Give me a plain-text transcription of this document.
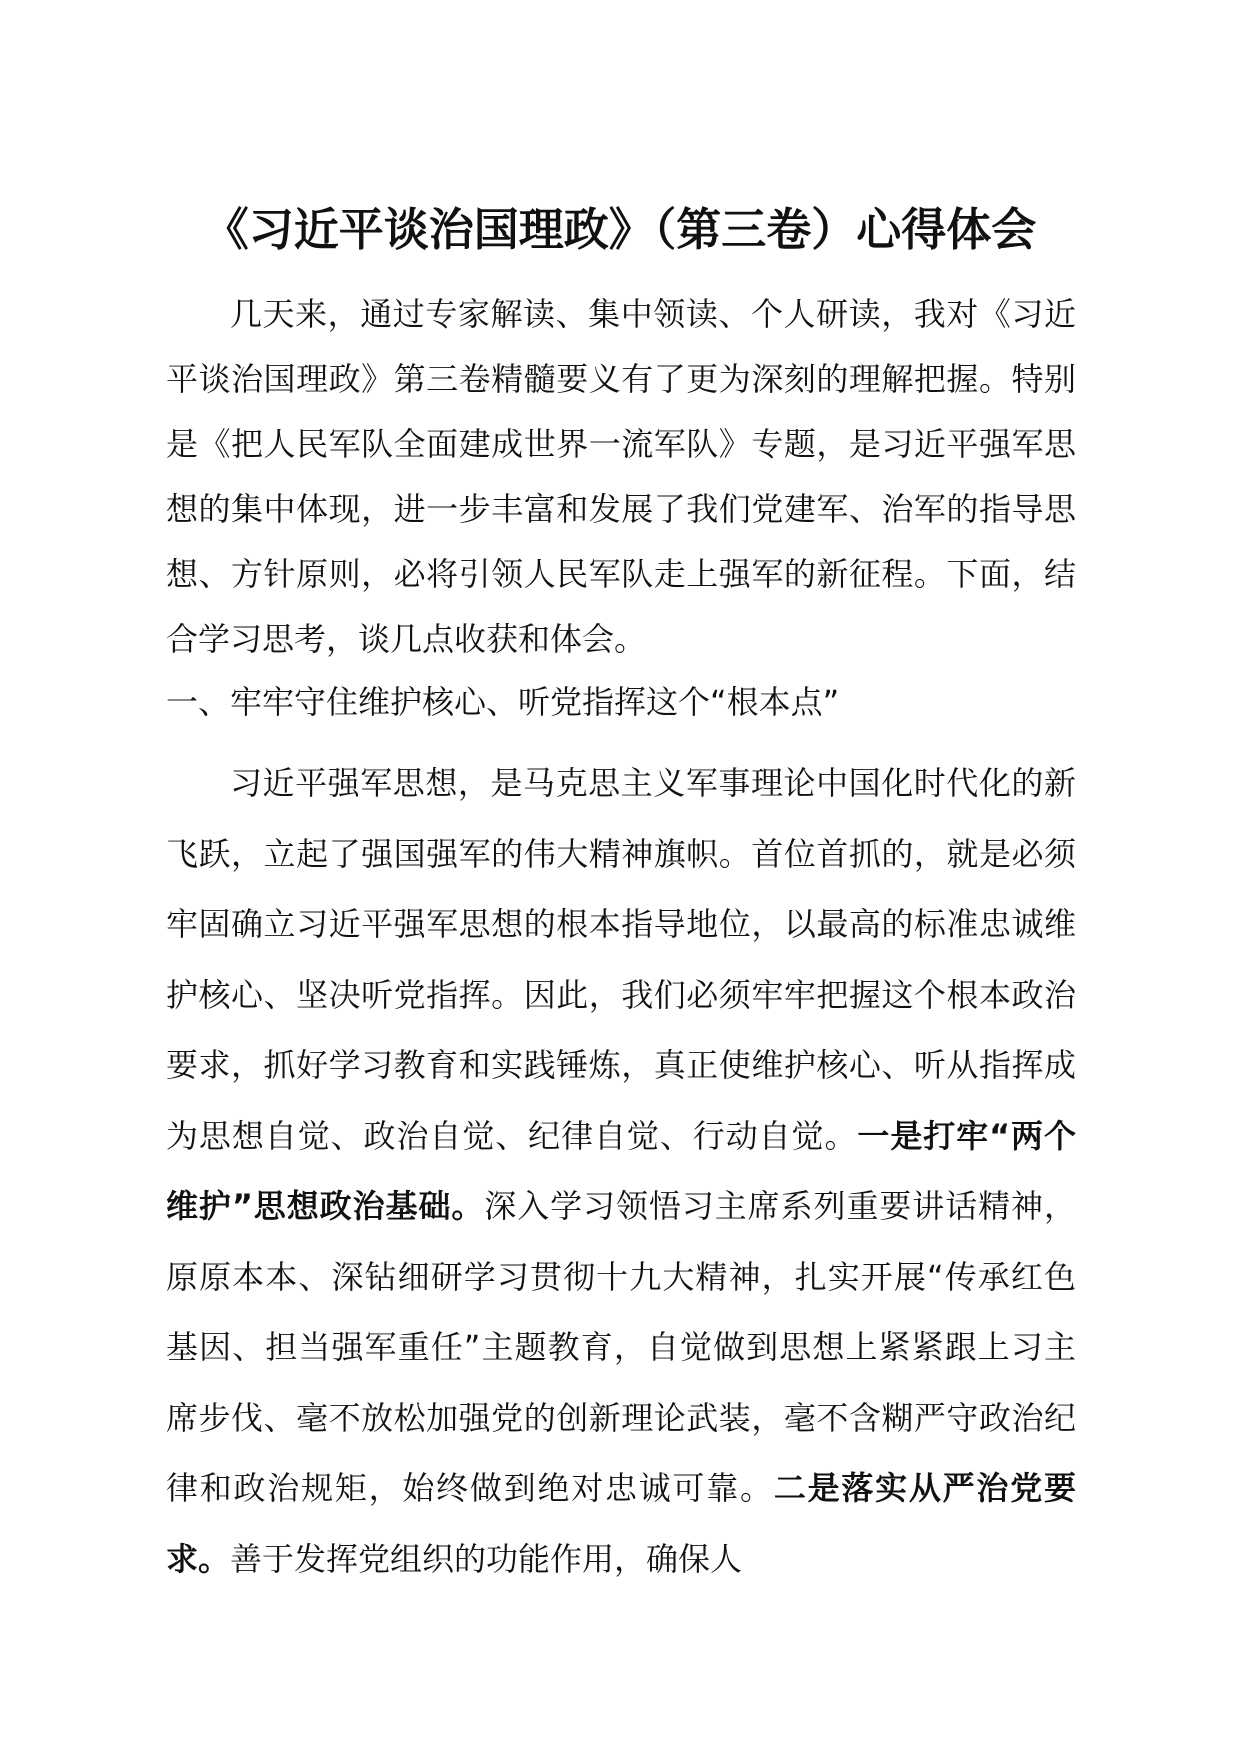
《习近平谈治国理政》（第三卷）心得体会

几天来，通过专家解读、集中领读、个人研读，我对《习近平谈治国理政》第三卷精髓要义有了更为深刻的理解把握。特别是《把人民军队全面建成世界一流军队》专题，是习近平强军思想的集中体现，进一步丰富和发展了我们党建军、治军的指导思想、方针原则，必将引领人民军队走上强军的新征程。下面，结合学习思考，谈几点收获和体会。

一、牢牢守住维护核心、听党指挥这个“根本点”

习近平强军思想，是马克思主义军事理论中国化时代化的新飞跃，立起了强国强军的伟大精神旗帜。首位首抓的，就是必须牢固确立习近平强军思想的根本指导地位，以最高的标准忠诚维护核心、坚决听党指挥。因此，我们必须牢牢把握这个根本政治要求，抓好学习教育和实践锤炼，真正使维护核心、听从指挥成为思想自觉、政治自觉、纪律自觉、行动自觉。一是打牢“两个维护”思想政治基础。深入学习领悟习主席系列重要讲话精神，原原本本、深钻细研学习贯彻十九大精神，扎实开展“传承红色基因、担当强军重任”主题教育，自觉做到思想上紧紧跟上习主席步伐、毫不放松加强党的创新理论武装，毫不含糊严守政治纪律和政治规矩，始终做到绝对忠诚可靠。二是落实从严治党要求。善于发挥党组织的功能作用，确保人
